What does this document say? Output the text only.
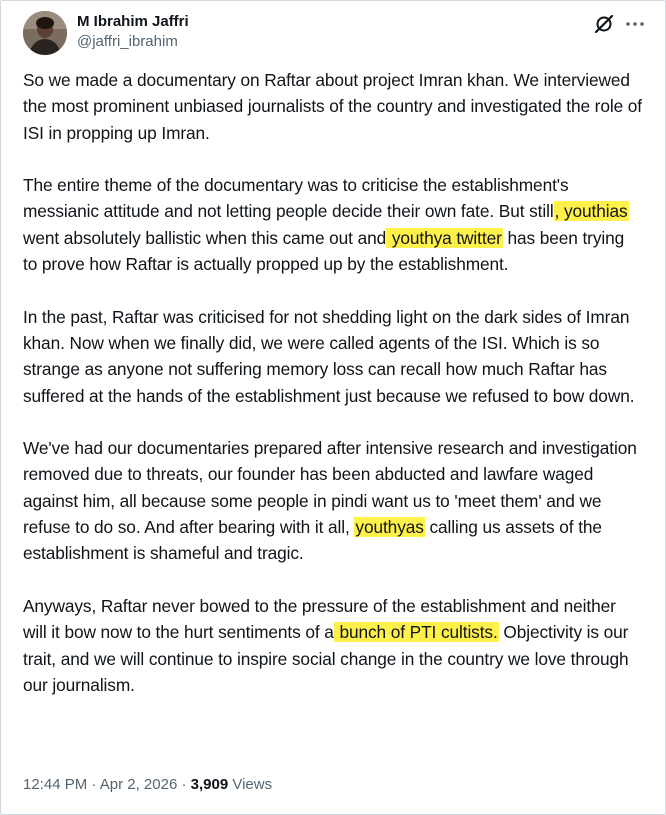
M Ibrahim Jaffri
@jaffri_ibrahim

So we made a documentary on Raftar about project Imran khan. We interviewed the most prominent unbiased journalists of the country and investigated the role of ISI in propping up Imran.

The entire theme of the documentary was to criticise the establishment's messianic attitude and not letting people decide their own fate. But still, youthias went absolutely ballistic when this came out and youthya twitter has been trying to prove how Raftar is actually propped up by the establishment.

In the past, Raftar was criticised for not shedding light on the dark sides of Imran khan. Now when we finally did, we were called agents of the ISI. Which is so strange as anyone not suffering memory loss can recall how much Raftar has suffered at the hands of the establishment just because we refused to bow down.

We've had our documentaries prepared after intensive research and investigation removed due to threats, our founder has been abducted and lawfare waged against him, all because some people in pindi want us to 'meet them' and we refuse to do so. And after bearing with it all, youthyas calling us assets of the establishment is shameful and tragic.

Anyways, Raftar never bowed to the pressure of the establishment and neither will it bow now to the hurt sentiments of a bunch of PTI cultists. Objectivity is our trait, and we will continue to inspire social change in the country we love through our journalism.

12:44 PM · Apr 2, 2026 · 3,909 Views
